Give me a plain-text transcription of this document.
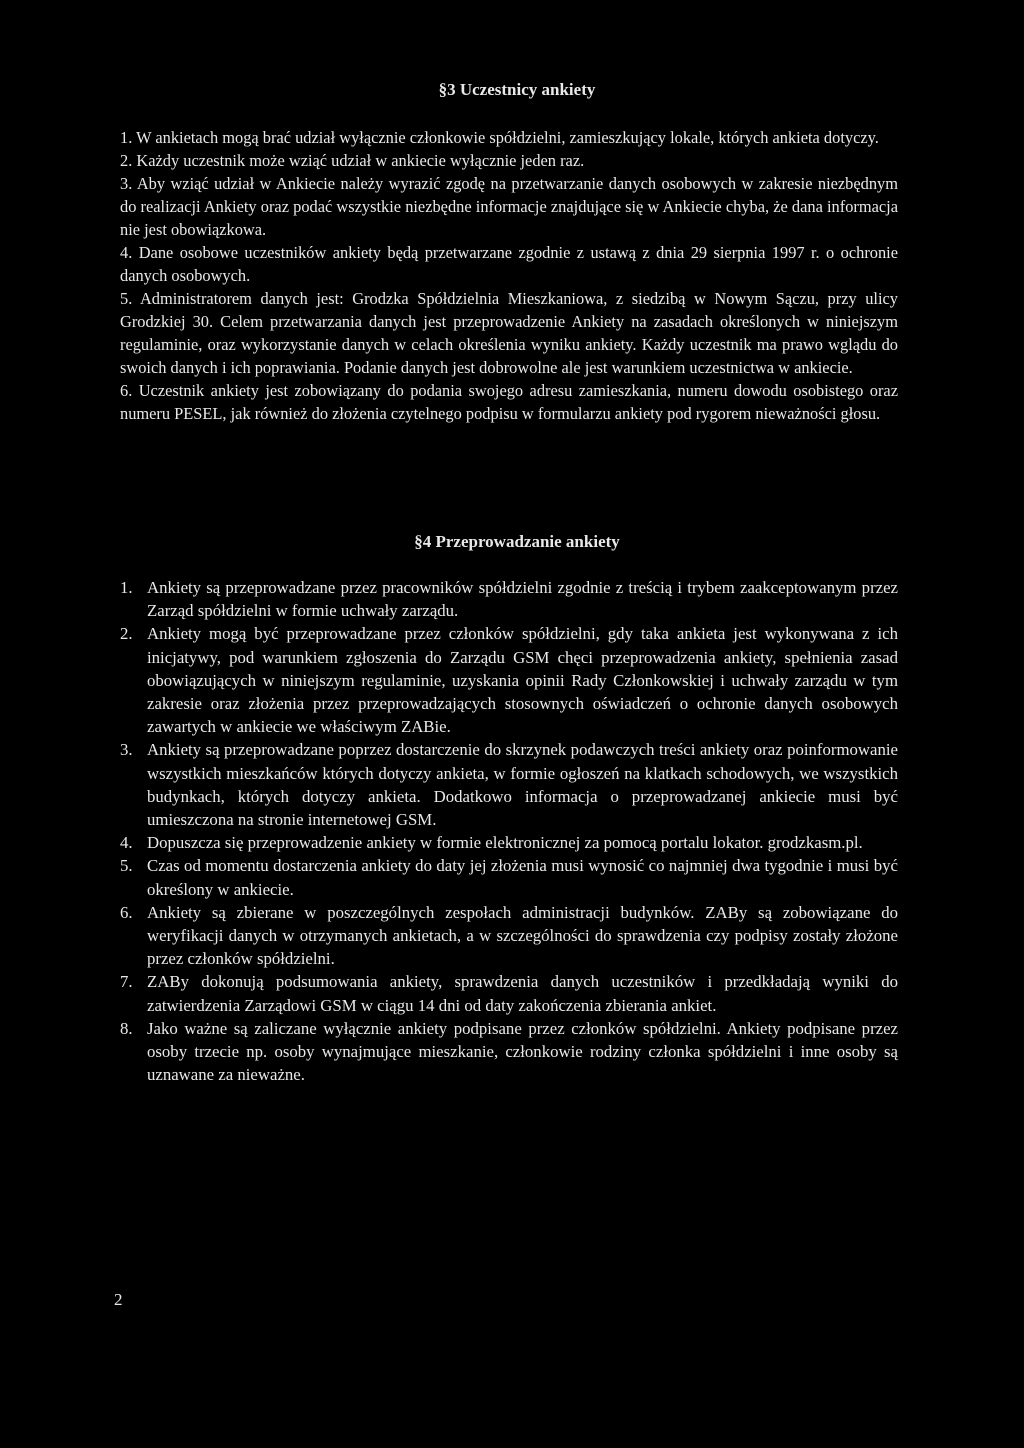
§3 Uczestnicy ankiety

1. W ankietach mogą brać udział wyłącznie członkowie spółdzielni, zamieszkujący lokale, których ankieta dotyczy.

2. Każdy uczestnik może wziąć udział w ankiecie wyłącznie jeden raz.

3. Aby wziąć udział w Ankiecie należy wyrazić zgodę na przetwarzanie danych osobowych w zakresie niezbędnym do realizacji Ankiety oraz podać wszystkie niezbędne informacje znajdujące się w Ankiecie chyba, że dana informacja nie jest obowiązkowa.

4. Dane osobowe uczestników ankiety będą przetwarzane zgodnie z ustawą z dnia 29 sierpnia 1997 r. o ochronie danych osobowych.

5. Administratorem danych jest: Grodzka Spółdzielnia Mieszkaniowa, z siedzibą w Nowym Sączu, przy ulicy Grodzkiej 30. Celem przetwarzania danych jest przeprowadzenie Ankiety na zasadach określonych w niniejszym regulaminie, oraz wykorzystanie danych w celach określenia wyniku ankiety. Każdy uczestnik ma prawo wglądu do swoich danych i ich poprawiania. Podanie danych jest dobrowolne ale jest warunkiem uczestnictwa w ankiecie.

6. Uczestnik ankiety jest zobowiązany do podania swojego adresu zamieszkania, numeru dowodu osobistego oraz numeru PESEL, jak również do złożenia czytelnego podpisu w formularzu ankiety pod rygorem nieważności głosu.

§4 Przeprowadzanie ankiety
1. Ankiety są przeprowadzane przez pracowników spółdzielni zgodnie z treścią i trybem zaakceptowanym przez Zarząd spółdzielni w formie uchwały zarządu.
2. Ankiety mogą być przeprowadzane przez członków spółdzielni, gdy taka ankieta jest wykonywana z ich inicjatywy, pod warunkiem zgłoszenia do Zarządu GSM chęci przeprowadzenia ankiety, spełnienia zasad obowiązujących w niniejszym regulaminie, uzyskania opinii Rady Członkowskiej i uchwały zarządu w tym zakresie oraz złożenia przez przeprowadzających stosownych oświadczeń o ochronie danych osobowych zawartych w ankiecie we właściwym ZABie.
3. Ankiety są przeprowadzane poprzez dostarczenie do skrzynek podawczych treści ankiety oraz poinformowanie wszystkich mieszkańców których dotyczy ankieta, w formie ogłoszeń na klatkach schodowych, we wszystkich budynkach, których dotyczy ankieta. Dodatkowo informacja o przeprowadzanej ankiecie musi być umieszczona na stronie internetowej GSM.
4. Dopuszcza się przeprowadzenie ankiety w formie elektronicznej za pomocą portalu lokator. grodzkasm.pl.
5. Czas od momentu dostarczenia ankiety do daty jej złożenia musi wynosić co najmniej dwa tygodnie i musi być określony w ankiecie.
6. Ankiety są zbierane w poszczególnych zespołach administracji budynków. ZABy są zobowiązane do weryfikacji danych w otrzymanych ankietach, a w szczególności do sprawdzenia czy podpisy zostały złożone przez członków spółdzielni.
7. ZABy dokonują podsumowania ankiety, sprawdzenia danych uczestników i przedkładają wyniki do zatwierdzenia Zarządowi GSM w ciągu 14 dni od daty zakończenia zbierania ankiet.
8. Jako ważne są zaliczane wyłącznie ankiety podpisane przez członków spółdzielni. Ankiety podpisane przez osoby trzecie np. osoby wynajmujące mieszkanie, członkowie rodziny członka spółdzielni i inne osoby są uznawane za nieważne.
2
